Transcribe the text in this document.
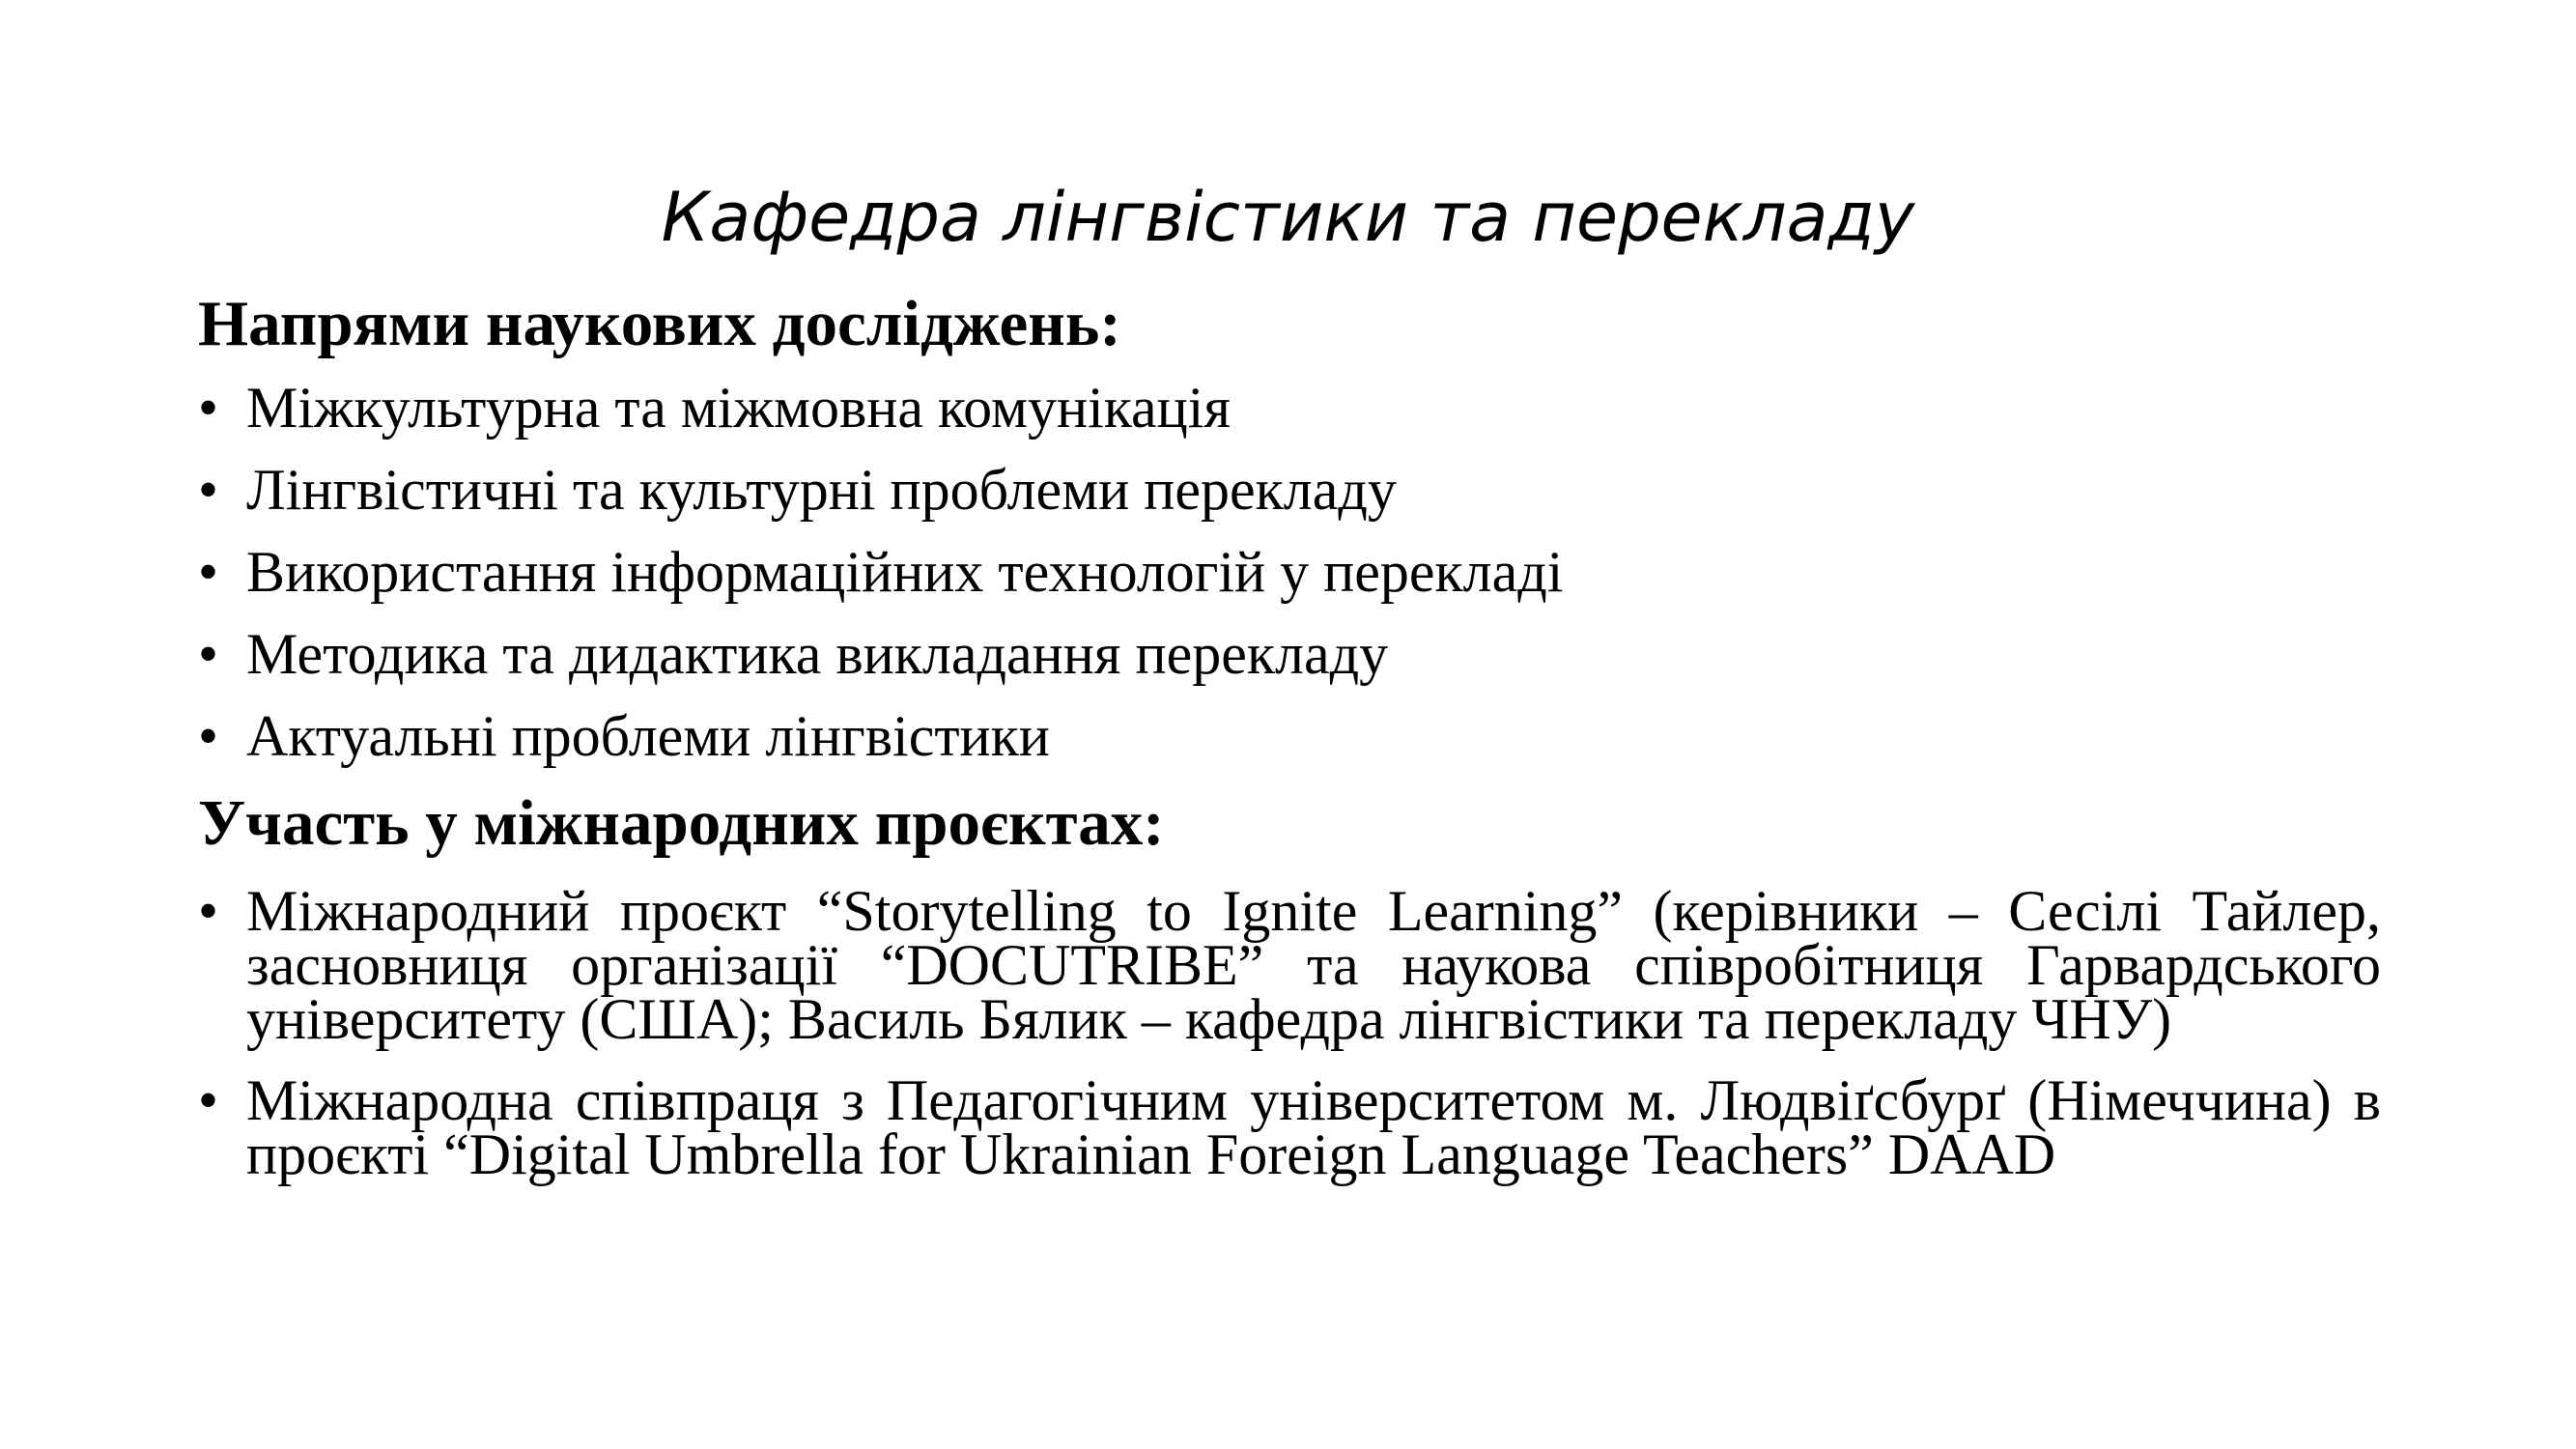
Кафедра лінгвістики та перекладу

Напрями наукових досліджень:

• Міжкультурна та міжмовна комунікація
• Лінгвістичні та культурні проблеми перекладу
• Використання інформаційних технологій у перекладі
• Методика та дидактика викладання перекладу
• Актуальні проблеми лінгвістики

Участь у міжнародних проєктах:

• Міжнародний проєкт “Storytelling to Ignite Learning” (керівники – Сесілі Тайлер, засновниця організації “DOCUTRIBE” та наукова співробітниця Гарвардського університету (США); Василь Бялик – кафедра лінгвістики та перекладу ЧНУ)
• Міжнародна співпраця з Педагогічним університетом м. Людвіґсбурґ (Німеччина) в проєкті “Digital Umbrella for Ukrainian Foreign Language Teachers” DAAD
